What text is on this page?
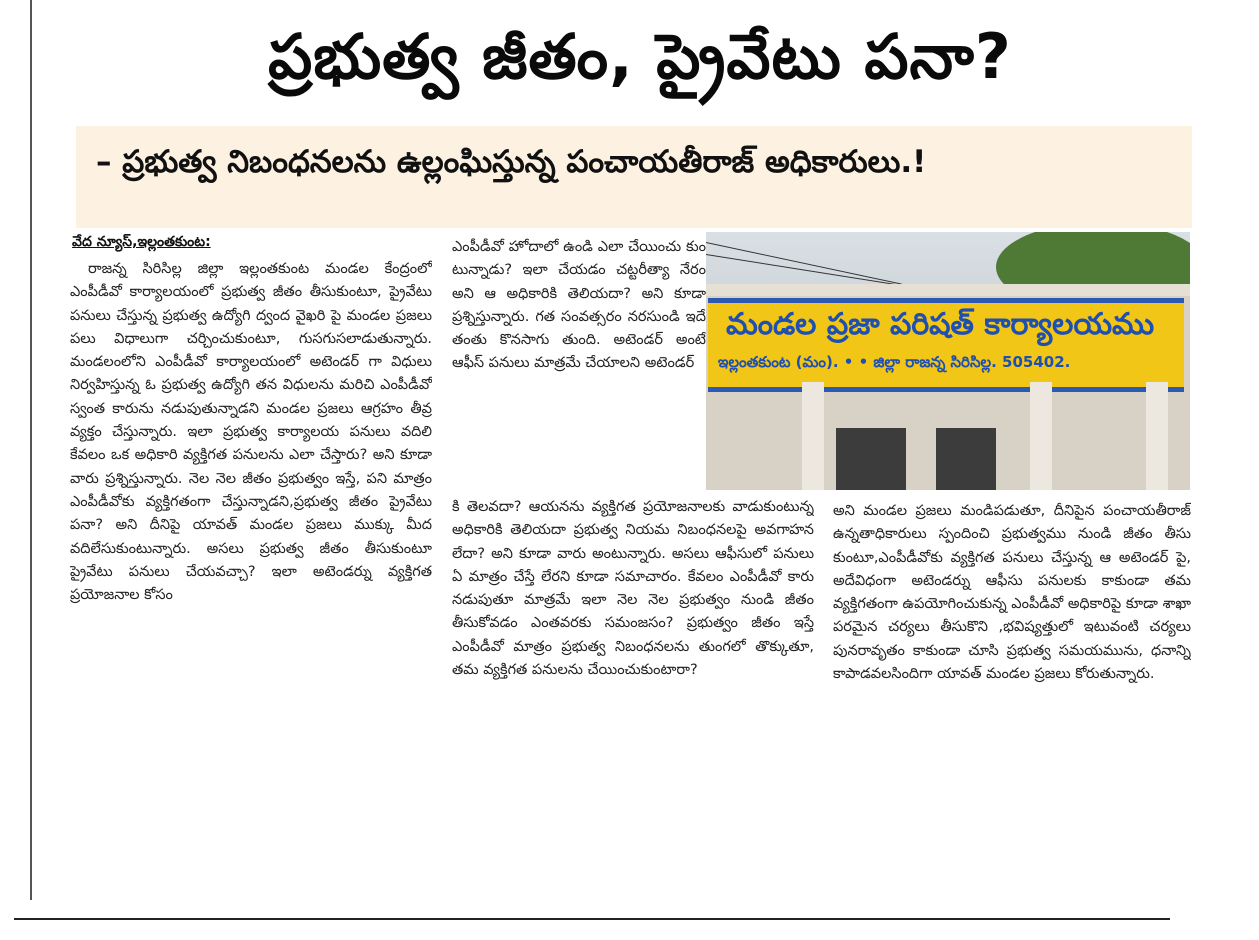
ప్రభుత్వ జీతం, ప్రైవేటు పనా?
– ప్రభుత్వ నిబంధనలను ఉల్లంఘిస్తున్న పంచాయతీరాజ్ అధికారులు.!
వేద న్యూస్,ఇల్లంతకుంట:
రాజన్న సిరిసిల్ల జిల్లా ఇల్లంతకుంట మండల కేంద్రంలో ఎంపీడీవో కార్యాలయంలో ప్రభుత్వ జీతం తీసుకుంటూ, ప్రైవేటు పనులు చేస్తున్న ప్రభుత్వ ఉద్యోగి ద్వంద వైఖరి పై మండల ప్రజలు పలు విధాలుగా చర్చించుకుంటూ, గుసగుసలాడుతున్నారు. మండలంలోని ఎంపీడీవో కార్యాలయంలో అటెండర్ గా విధులు నిర్వహిస్తున్న ఓ ప్రభుత్వ ఉద్యోగి తన విధులను మరిచి ఎంపీడీవో స్వంత కారును నడుపుతున్నాడని మండల ప్రజలు ఆగ్రహం తీవ్ర వ్యక్తం చేస్తున్నారు. ఇలా ప్రభుత్వ కార్యాలయ పనులు వదిలి కేవలం ఒక అధికారి వ్యక్తిగత పనులను ఎలా చేస్తారు? అని కూడా వారు ప్రశ్నిస్తున్నారు. నెల నెల జీతం ప్రభుత్వం ఇస్తే, పని మాత్రం ఎంపీడీవోకు వ్యక్తిగతంగా చేస్తున్నాడని,ప్రభుత్వ జీతం ప్రైవేటు పనా? అని దీనిపై యావత్ మండల ప్రజలు ముక్కు మీద వదిలేసుకుంటున్నారు. అసలు ప్రభుత్వ జీతం తీసుకుంటూ ప్రైవేటు పనులు చేయవచ్చా? ఇలా అటెండర్ను వ్యక్తిగత ప్రయోజనాల కోసం
ఎంపీడీవో హోదాలో ఉండి ఎలా చేయించు కుం టున్నాడు? ఇలా చేయడం చట్టరీత్యా నేరం అని ఆ అధికారికి తెలియదా? అని కూడా ప్రశ్నిస్తున్నారు. గత సంవత్సరం నరసుండి ఇదే తంతు కొనసాగు తుంది. అటెండర్ అంటే ఆఫీస్ పనులు మాత్రమే చేయాలని అటెండర్
మండల ప్రజా పరిషత్ కార్యాలయము
ఇల్లంతకుంట (మం). • • జిల్లా రాజన్న సిరిసిల్ల. 505402.
కి తెలవదా? ఆయనను వ్యక్తిగత ప్రయోజనాలకు వాడుకుంటున్న అధికారికి తెలియదా ప్రభుత్వ నియమ నిబంధనలపై అవగాహన లేదా? అని కూడా వారు అంటున్నారు. అసలు ఆఫీసులో పనులు ఏ మాత్రం చేస్తే లేరని కూడా సమాచారం. కేవలం ఎంపీడీవో కారు నడుపుతూ మాత్రమే ఇలా నెల నెల ప్రభుత్వం నుండి జీతం తీసుకోవడం ఎంతవరకు సమంజసం? ప్రభుత్వం జీతం ఇస్తే ఎంపీడీవో మాత్రం ప్రభుత్వ నిబంధనలను తుంగలో తొక్కుతూ, తమ వ్యక్తిగత పనులను చేయించుకుంటారా?
అని మండల ప్రజలు మండిపడుతూ, దీనిపైన పంచాయతీరాజ్ ఉన్నతాధికారులు స్పందించి ప్రభుత్వము నుండి జీతం తీసు కుంటూ,ఎంపీడీవోకు వ్యక్తిగత పనులు చేస్తున్న ఆ అటెండర్ పై, అదేవిధంగా అటెండర్ను ఆఫీసు పనులకు కాకుండా తమ వ్యక్తిగతంగా ఉపయోగించుకున్న ఎంపీడీవో అధికారిపై కూడా శాఖా పరమైన చర్యలు తీసుకొని ,భవిష్యత్తులో ఇటువంటి చర్యలు పునరావృతం కాకుండా చూసి ప్రభుత్వ సమయమును, ధనాన్ని కాపాడవలసిందిగా యావత్ మండల ప్రజలు కోరుతున్నారు.
